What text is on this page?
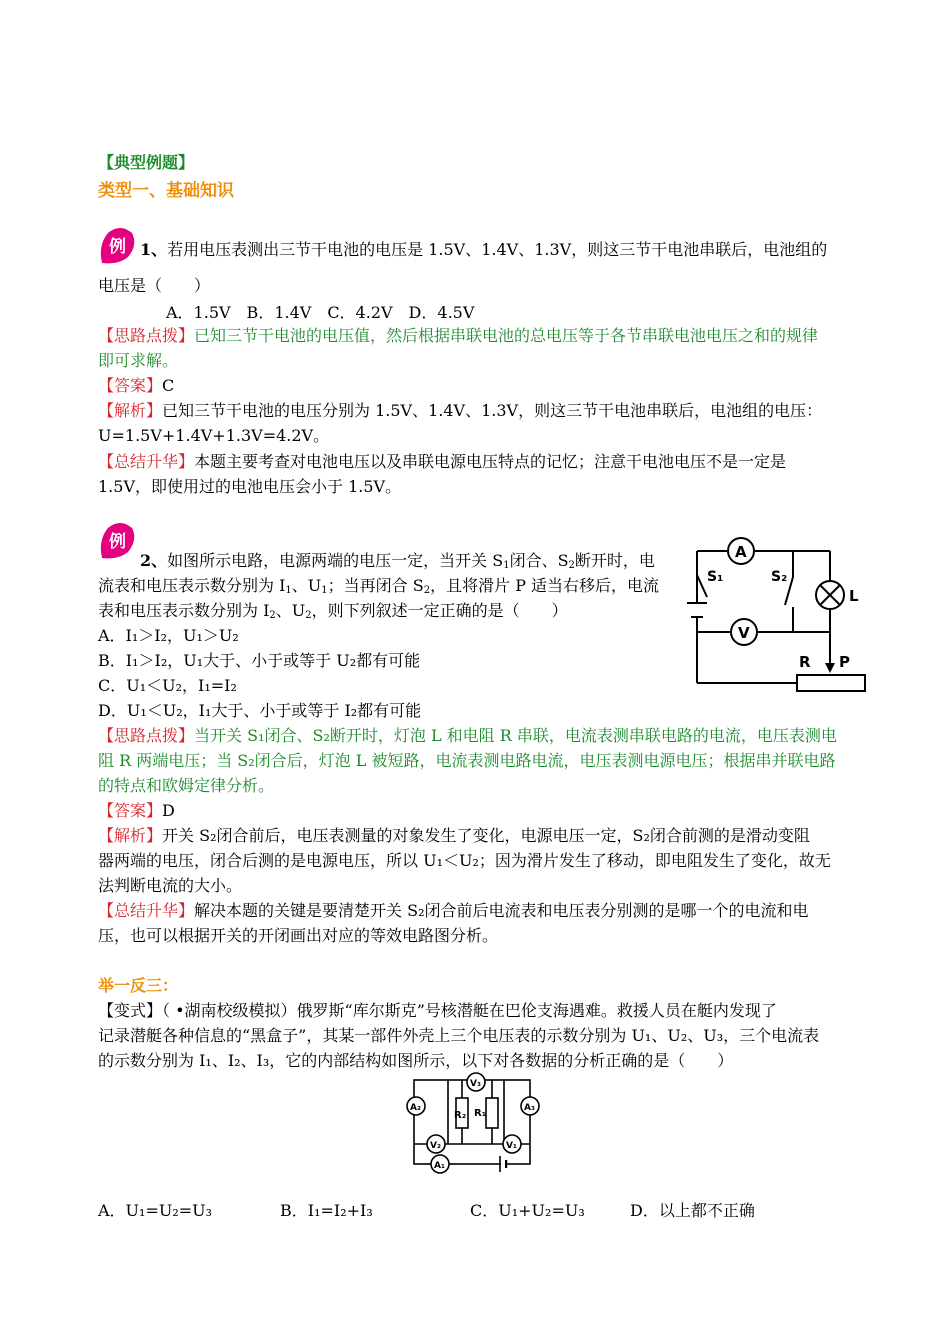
【典型例题】
类型一、基础知识
例 1、若用电压表测出三节干电池的电压是 1.5V、1.4V、1.3V，则这三节干电池串联后，电池组的
电压是（　　）
A．1.5V　B．1.4V　C．4.2V　D．4.5V
【思路点拨】已知三节干电池的电压值，然后根据串联电池的总电压等于各节串联电池电压之和的规律
即可求解。
【答案】C
【解析】已知三节干电池的电压分别为 1.5V、1.4V、1.3V，则这三节干电池串联后，电池组的电压：
U=1.5V+1.4V+1.3V=4.2V。
【总结升华】本题主要考查对电池电压以及串联电源电压特点的记忆；注意干电池电压不是一定是
1.5V，即使用过的电池电压会小于 1.5V。
例
2、如图所示电路，电源两端的电压一定，当开关 $S_1$闭合、$S_2$断开时，电
流表和电压表示数分别为 $I_1$、$U_1$；当再闭合 $S_2$，且将滑片 P 适当右移后，电流
表和电压表示数分别为 $I_2$、$U_2$，则下列叙述一定正确的是（　　）
A．I₁＞I₂，U₁＞U₂
B．I₁＞I₂，U₁大于、小于或等于 U₂都有可能
C．U₁＜U₂，I₁=I₂
D．U₁＜U₂，I₁大于、小于或等于 I₂都有可能
A
V
S₁	S₂
L
R P
【思路点拨】当开关 S₁闭合、S₂断开时，灯泡 L 和电阻 R 串联，电流表测串联电路的电流，电压表测电
阻 R 两端电压；当 S₂闭合后，灯泡 L 被短路，电流表测电路电流，电压表测电源电压；根据串并联电路
的特点和欧姆定律分析。
【答案】D
【解析】开关 S₂闭合前后，电压表测量的对象发生了变化，电源电压一定，S₂闭合前测的是滑动变阻
器两端的电压，闭合后测的是电源电压，所以 U₁＜U₂；因为滑片发生了移动，即电阻发生了变化，故无
法判断电流的大小。
【总结升华】解决本题的关键是要清楚开关 S₂闭合前后电流表和电压表分别测的是哪一个的电流和电
压，也可以根据开关的开闭画出对应的等效电路图分析。
举一反三：
【变式】（ •湖南校级模拟）俄罗斯“库尔斯克”号核潜艇在巴伦支海遇难。救援人员在艇内发现了
记录潜艇各种信息的“黑盒子”，其某一部件外壳上三个电压表的示数分别为 U₁、U₂、U₃，三个电流表
的示数分别为 I₁、I₂、I₃，它的内部结构如图所示，以下对各数据的分析正确的是（　　）
V₃
A₂	A₃
V₂	V₁
A₁
R₂ R₁
A．U₁=U₂=U₃	B．I₁=I₂+I₃	C．U₁+U₂=U₃	D．以上都不正确
